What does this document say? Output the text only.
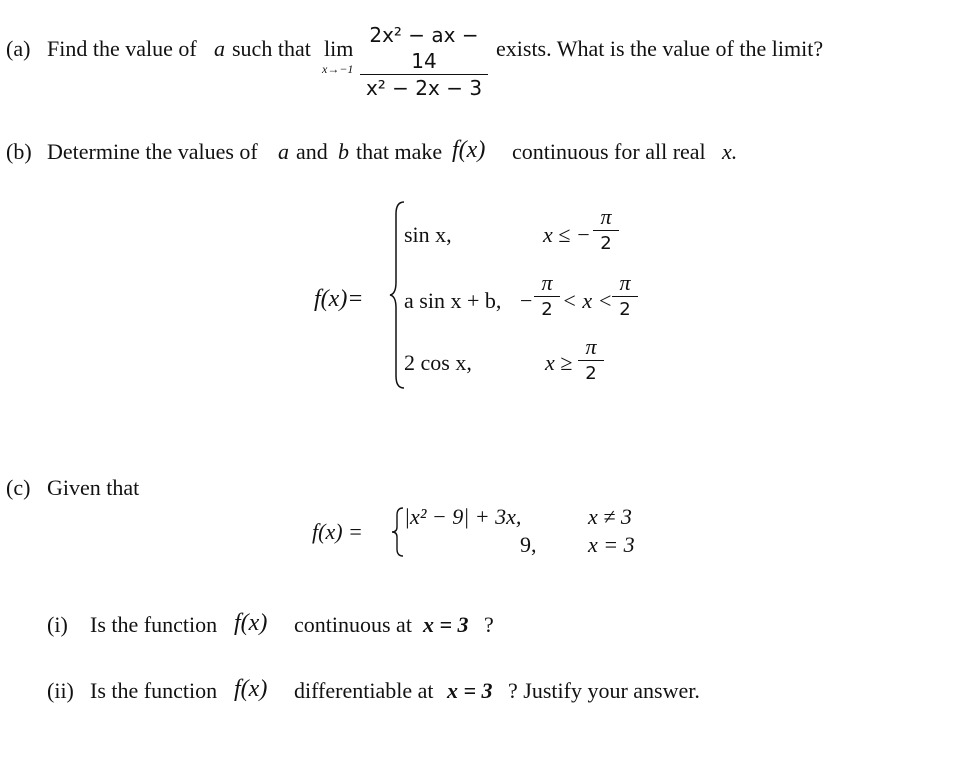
(a) Find the value of a such that lim
x→−1
2x² − ax − 14
x² − 2x − 3
exists. What is the value of the limit?
(b) Determine the values of a and b that make f(x) continuous for all real x.
f(x)=
sin x,	x ≤ −
π
2
a sin x + b, −
π
2 < x <
π
2
2 cos x,	x ≥
π
2
(c) Given that
f(x) =
|x² − 9| + 3x,	x ≠ 3
9, x = 3
(i) Is the function f(x) continuous at x = 3 ?
(ii) Is the function f(x) differentiable at x = 3 ? Justify your answer.
